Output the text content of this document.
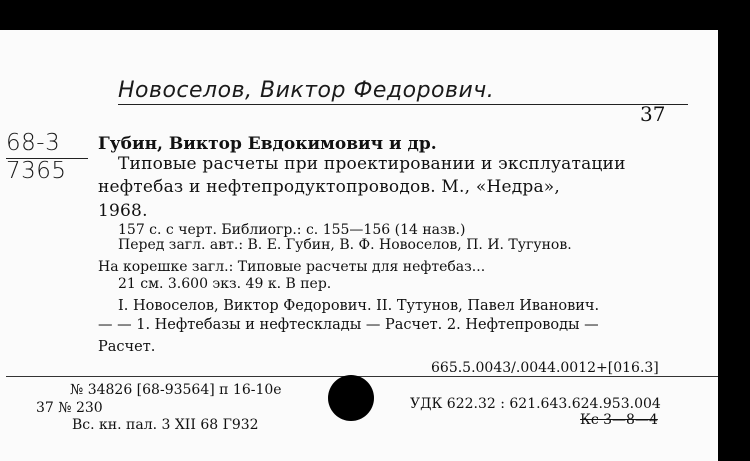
Новоселов, Виктор Федорович.
37
68-3
7365
Губин, Виктор Евдокимович и др.
Типовые расчеты при проектировании и эксплуатации
нефтебаз и нефтепродуктопроводов. М., «Недра»,
1968.
157 с. с черт. Библиогр.: с. 155—156 (14 назв.)
Перед загл. авт.: В. Е. Губин, В. Ф. Новоселов, П. И. Тугунов.
На корешке загл.: Типовые расчеты для нефтебаз...
21 см. 3.600 экз. 49 к. В пер.
I. Новоселов, Виктор Федорович. II. Тутунов, Павел Иванович.
— — 1. Нефтебазы и нефтесклады — Расчет. 2. Нефтепроводы —
Расчет.
665.5.0043/.0044.0012+[016.3]
№ 34826 [68-93564] п 16-10е
37 № 230
Вс. кн. пал. 3 XII 68 Г932
УДК 622.32 : 621.643.624.953.004
Кс 3—8—4
